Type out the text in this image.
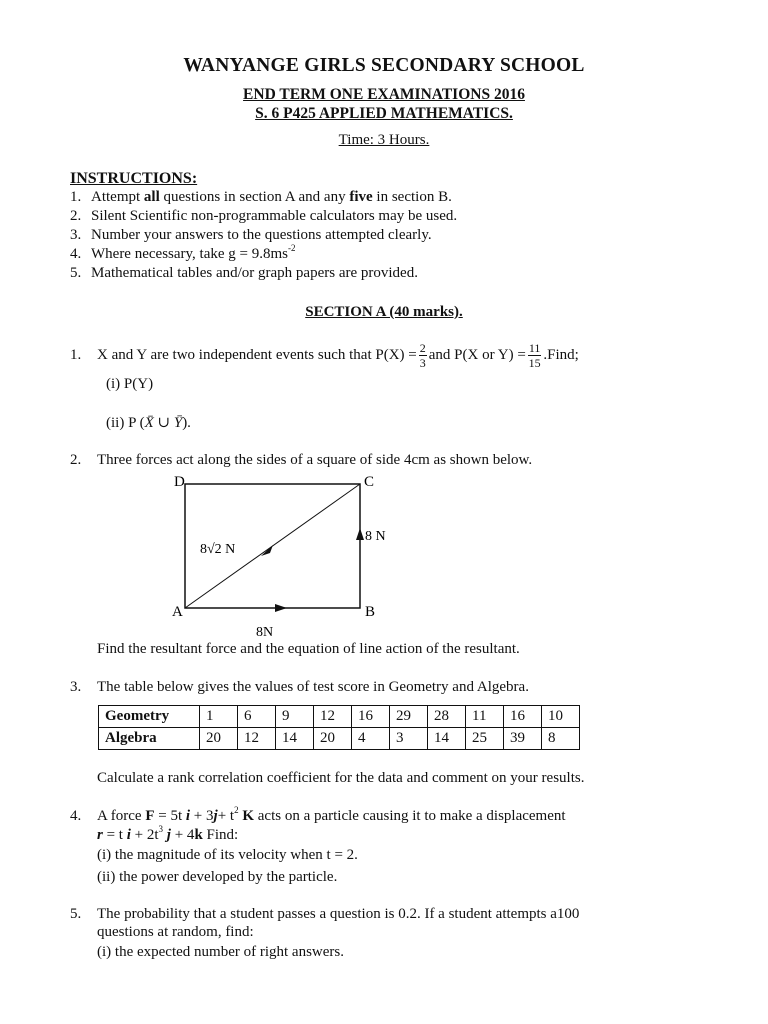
WANYANGE GIRLS SECONDARY SCHOOL
END TERM ONE EXAMINATIONS 2016
S. 6 P425 APPLIED MATHEMATICS.
Time: 3 Hours.
INSTRUCTIONS:
1. Attempt all questions in section A and any five in section B.
2. Silent Scientific non-programmable calculators may be used.
3. Number your answers to the questions attempted clearly.
4. Where necessary, take $g = 9.8ms^{-2}$
5. Mathematical tables and/or graph papers are provided.
SECTION A (40 marks).
1. X and Y are two independent events such that $P(X) = \frac{2}{3}$ and P(X or $Y) = \frac{11}{15}$ .Find;
(i) P(Y)
(ii) P (X̄ ∪ Ȳ).
2. Three forces act along the sides of a square of side 4cm as shown below.
D	C
A	B
8√2 N
8 N
8N
Find the resultant force and the equation of line action of the resultant.
3. The table below gives the values of test score in Geometry and Algebra.
Geometry	1	6	9	12	16	29	28	11	16	10
Algebra	20	12	14	20	4	3	14	25	39	8
Calculate a rank correlation coefficient for the data and comment on your results.
4. A force F = 5t $i + 3j+ t^2$ K acts on a particle causing it to make a displacement
r = t $i + 2t^3$ j + 4k Find:
(i) the magnitude of its velocity when t = 2.
(ii) the power developed by the particle.
5. The probability that a student passes a question is 0.2. If a student attempts a100
questions at random, find:
(i) the expected number of right answers.
